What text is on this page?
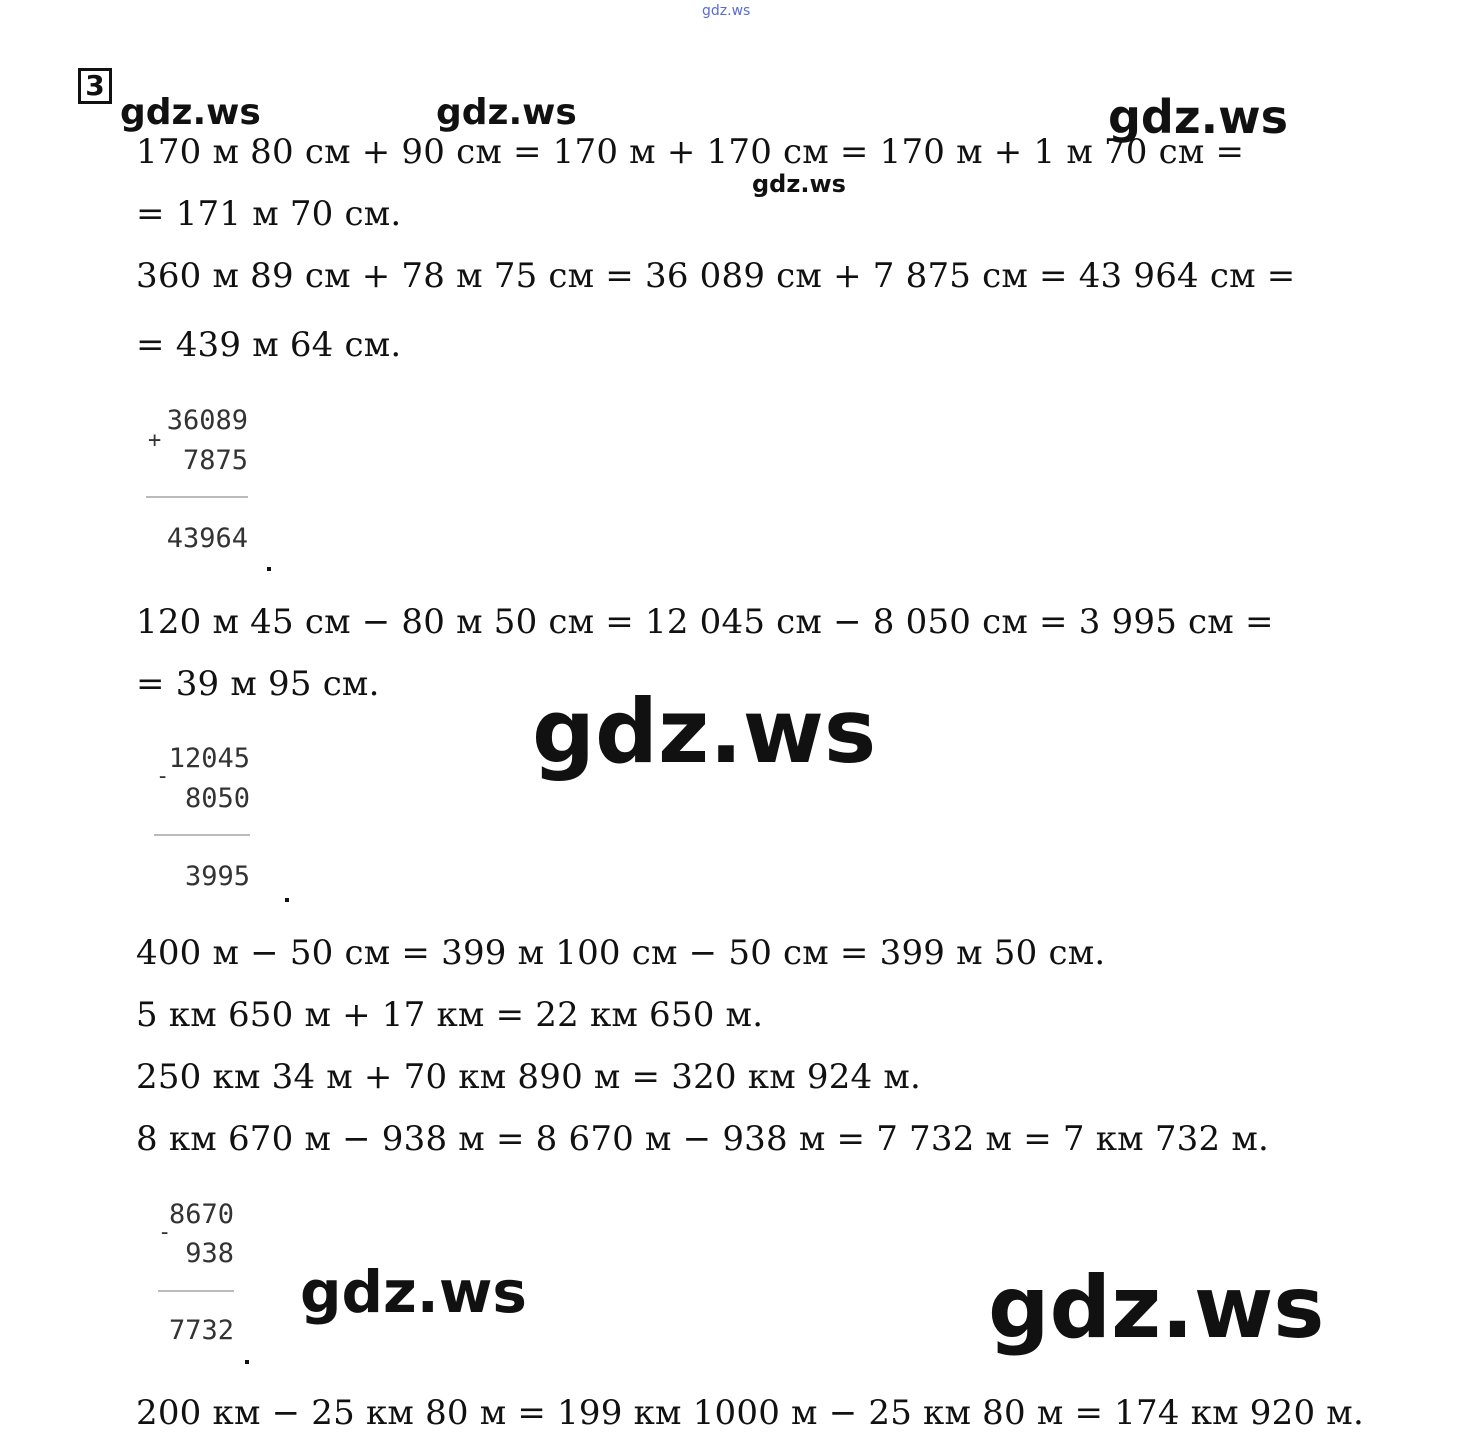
gdz.ws
3
gdz.ws	gdz.ws	gdz.ws
gdz.ws
170 м 80 см + 90 см = 170 м + 170 см = 170 м + 1 м 70 см =
= 171 м 70 см.
360 м 89 см + 78 м 75 см = 36 089 см + 7 875 см = 43 964 см =
= 439 м 64 см.
36089
+
7875
43964
120 м 45 см − 80 м 50 см = 12 045 см − 8 050 см = 3 995 см =
= 39 м 95 см. gdz.ws
12045
-
8050
3995
400 м − 50 см = 399 м 100 см − 50 см = 399 м 50 см.
5 км 650 м + 17 км = 22 км 650 м.
250 км 34 м + 70 км 890 м = 320 км 924 м.
8 км 670 м − 938 м = 8 670 м − 938 м = 7 732 м = 7 км 732 м.
8670
-
938
7732
gdz.ws	gdz.ws
200 км − 25 км 80 м = 199 км 1000 м − 25 км 80 м = 174 км 920 м.
